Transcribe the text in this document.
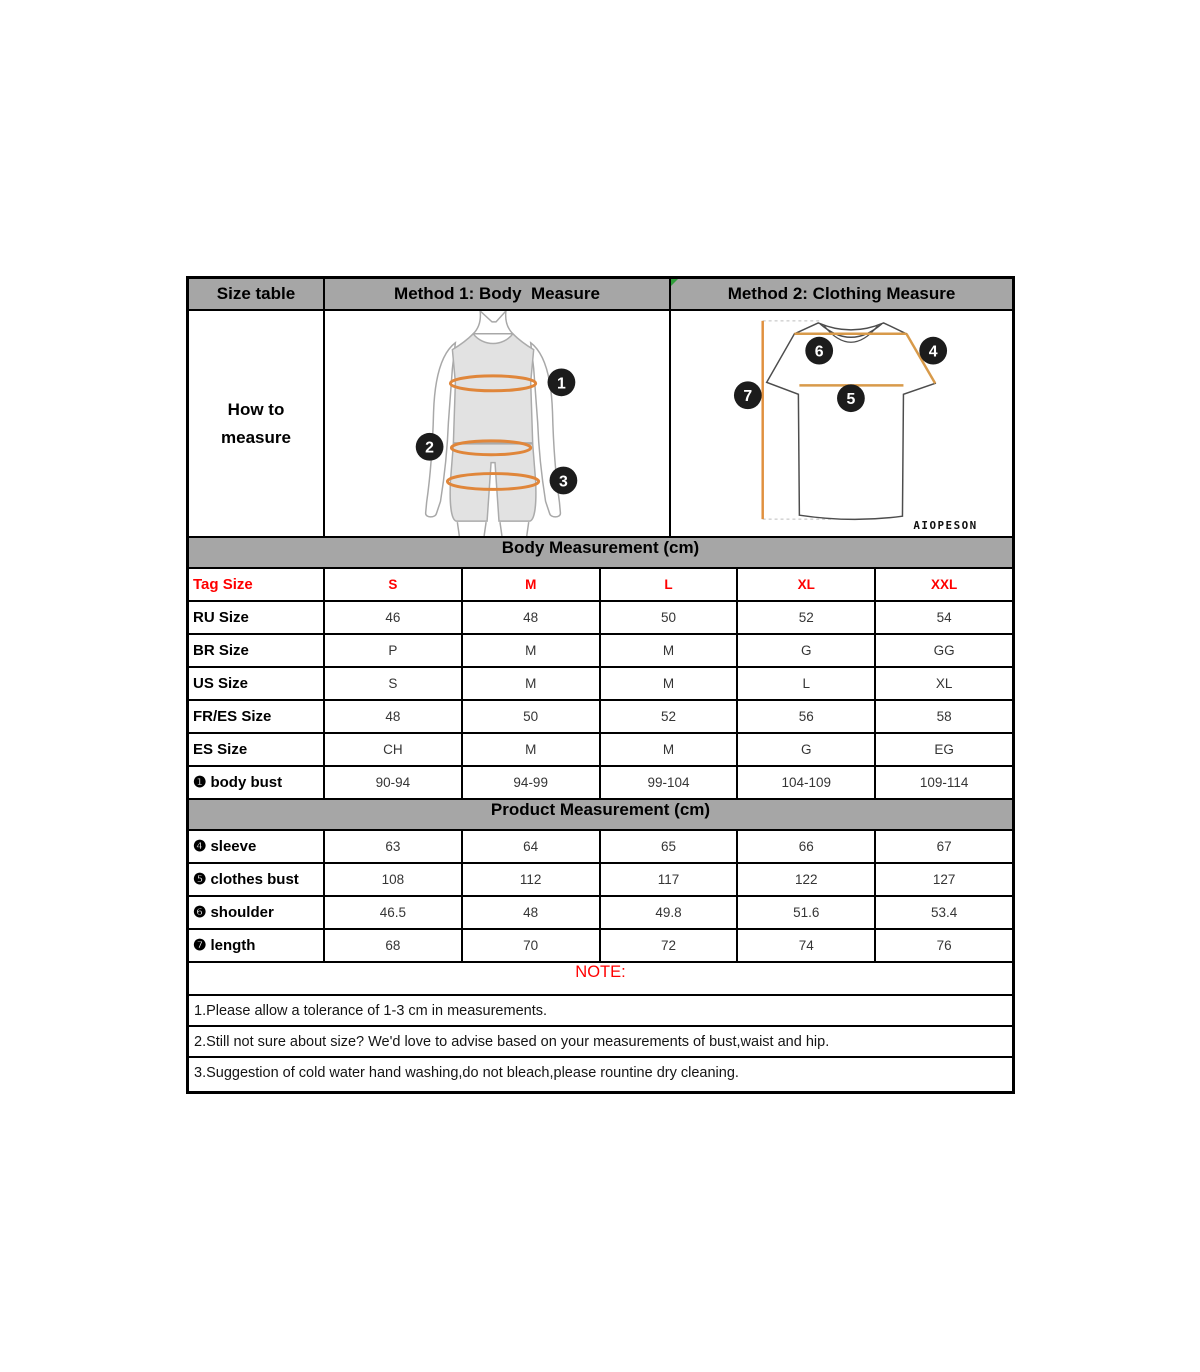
Size table	Method 1: Body  Measure	Method 2: Clothing Measure
How to measure
1
2
3
6	4
5
7
AIOPESON
Body Measurement (cm)
Tag Size	S	M	L	XL	XXL
RU Size	46	48	50	52	54
BR Size	P	M	M	G	GG
US Size	S	M	M	L	XL
FR/ES Size	48	50	52	56	58
ES Size	CH	M	M	G	EG
❶ body bust	90-94	94-99	99-104	104-109	109-114
Product Measurement (cm)
❹ sleeve	63	64	65	66	67
❺ clothes bust	108	112	117	122	127
❻ shoulder	46.5	48	49.8	51.6	53.4
❼ length	68	70	72	74	76
NOTE:
1.Please allow a tolerance of 1-3 cm in measurements.
2.Still not sure about size? We'd love to advise based on your measurements of bust,waist and hip.
3.Suggestion of cold water hand washing,do not bleach,please rountine dry cleaning.
